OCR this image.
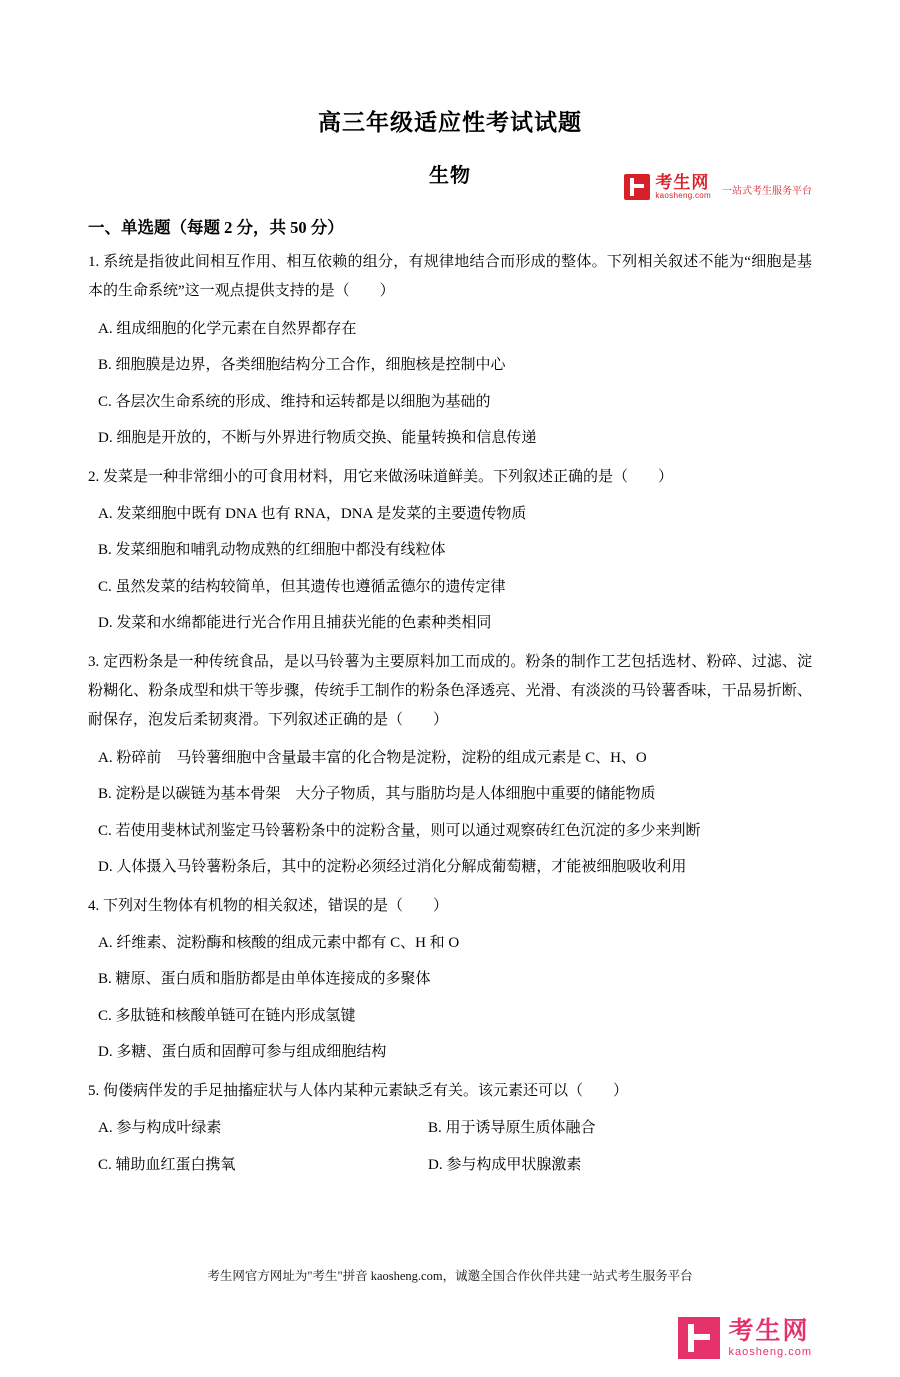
考生网
kaosheng.com 一站式考生服务平台
高三年级适应性考试试题
生物
一、单选题（每题 2 分，共 50 分）

1. 系统是指彼此间相互作用、相互依赖的组分，有规律地结合而形成的整体。下列相关叙述不能为“细胞是基本的生命系统”这一观点提供支持的是（　　）

A. 组成细胞的化学元素在自然界都存在

B. 细胞膜是边界，各类细胞结构分工合作，细胞核是控制中心

C. 各层次生命系统的形成、维持和运转都是以细胞为基础的

D. 细胞是开放的，不断与外界进行物质交换、能量转换和信息传递

2. 发菜是一种非常细小的可食用材料，用它来做汤味道鲜美。下列叙述正确的是（　　）

A. 发菜细胞中既有 DNA 也有 RNA，DNA 是发菜的主要遗传物质

B. 发菜细胞和哺乳动物成熟的红细胞中都没有线粒体

C. 虽然发菜的结构较简单，但其遗传也遵循孟德尔的遗传定律

D. 发菜和水绵都能进行光合作用且捕获光能的色素种类相同

3. 定西粉条是一种传统食品，是以马铃薯为主要原料加工而成的。粉条的制作工艺包括选材、粉碎、过滤、淀粉糊化、粉条成型和烘干等步骤，传统手工制作的粉条色泽透亮、光滑、有淡淡的马铃薯香味，干品易折断、耐保存，泡发后柔韧爽滑。下列叙述正确的是（　　）

A. 粉碎前　马铃薯细胞中含量最丰富的化合物是淀粉，淀粉的组成元素是 C、H、O

B. 淀粉是以碳链为基本骨架　大分子物质，其与脂肪均是人体细胞中重要的储能物质

C. 若使用斐林试剂鉴定马铃薯粉条中的淀粉含量，则可以通过观察砖红色沉淀的多少来判断

D. 人体摄入马铃薯粉条后，其中的淀粉必须经过消化分解成葡萄糖，才能被细胞吸收利用

4. 下列对生物体有机物的相关叙述，错误的是（　　）

A. 纤维素、淀粉酶和核酸的组成元素中都有 C、H 和 O

B. 糖原、蛋白质和脂肪都是由单体连接成的多聚体

C. 多肽链和核酸单链可在链内形成氢键

D. 多糖、蛋白质和固醇可参与组成细胞结构

5. 佝偻病伴发的手足抽搐症状与人体内某种元素缺乏有关。该元素还可以（　　）

A. 参与构成叶绿素	B. 用于诱导原生质体融合
C. 辅助血红蛋白携氧	D. 参与构成甲状腺激素
考生网官方网址为"考生"拼音 kaosheng.com，诚邀全国合作伙伴共建一站式考生服务平台
考生网
kaosheng.com
